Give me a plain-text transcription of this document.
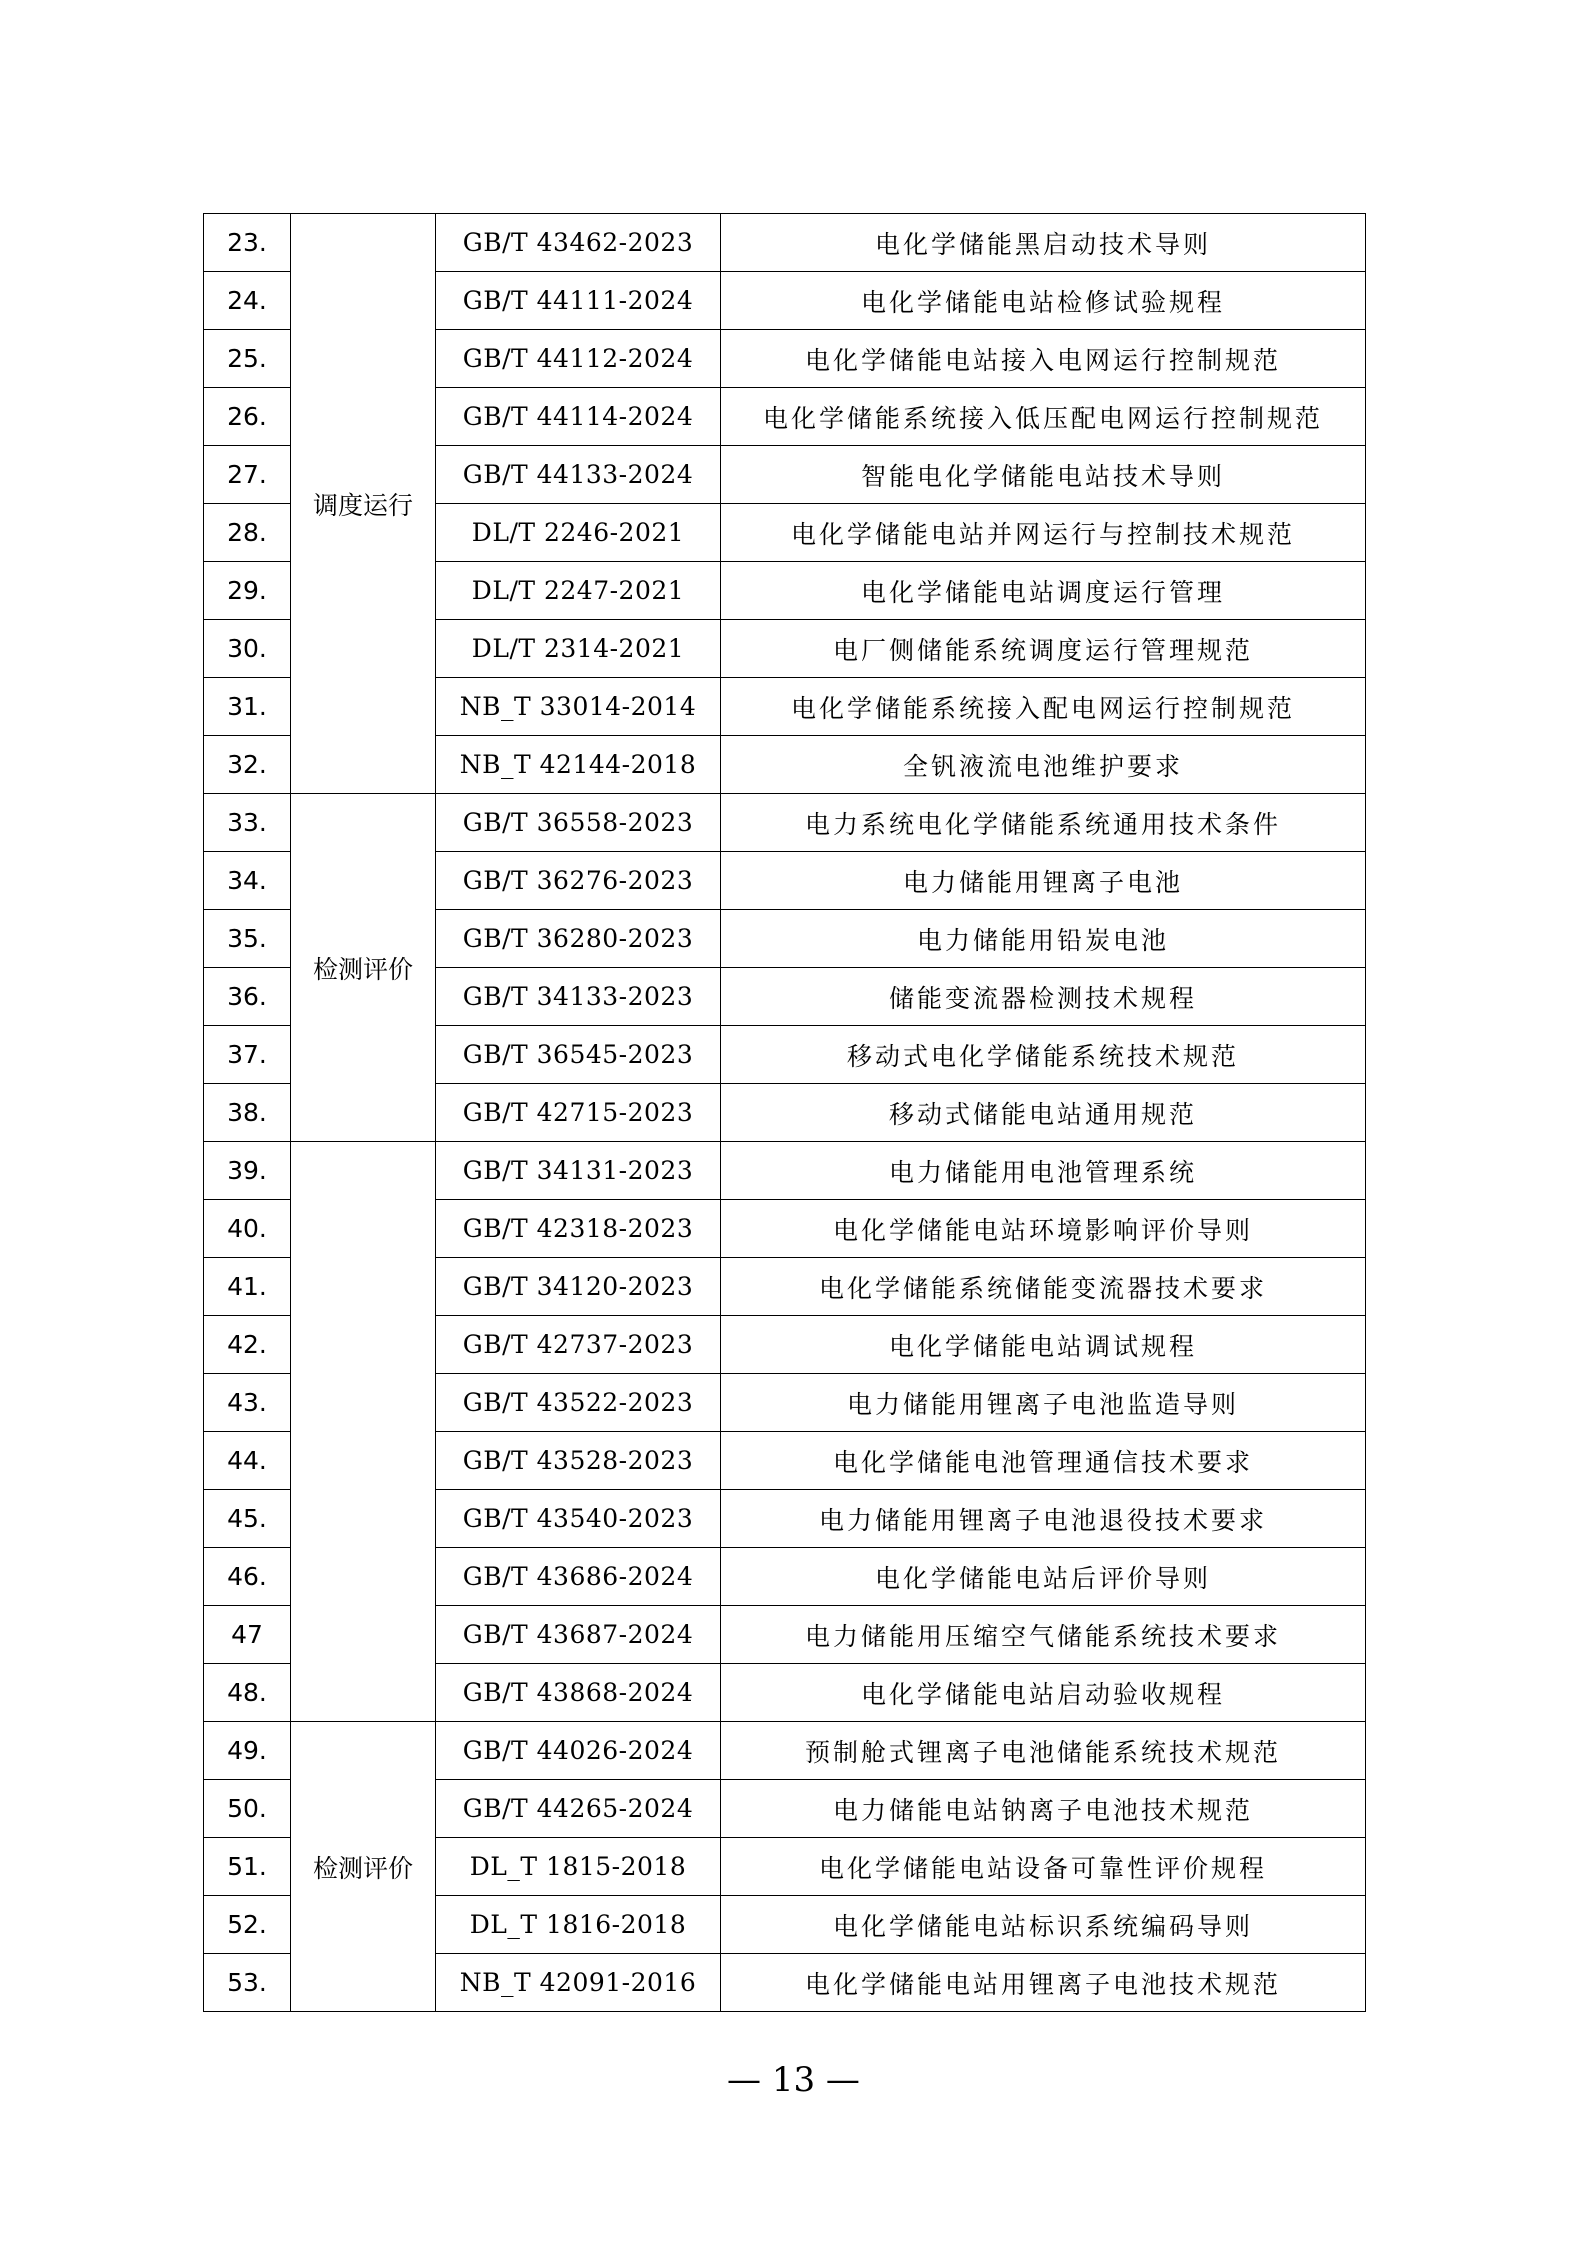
23.	调度运行	GB/T 43462-2023	电化学储能黑启动技术导则
24.		GB/T 44111-2024	电化学储能电站检修试验规程
25.		GB/T 44112-2024	电化学储能电站接入电网运行控制规范
26.		GB/T 44114-2024	电化学储能系统接入低压配电网运行控制规范
27.		GB/T 44133-2024	智能电化学储能电站技术导则
28.		DL/T 2246-2021	电化学储能电站并网运行与控制技术规范
29.		DL/T 2247-2021	电化学储能电站调度运行管理
30.		DL/T 2314-2021	电厂侧储能系统调度运行管理规范
31.		NB_T 33014-2014	电化学储能系统接入配电网运行控制规范
32.		NB_T 42144-2018	全钒液流电池维护要求
33.	检测评价	GB/T 36558-2023	电力系统电化学储能系统通用技术条件
34.		GB/T 36276-2023	电力储能用锂离子电池
35.		GB/T 36280-2023	电力储能用铅炭电池
36.		GB/T 34133-2023	储能变流器检测技术规程
37.		GB/T 36545-2023	移动式电化学储能系统技术规范
38.		GB/T 42715-2023	移动式储能电站通用规范
39.		GB/T 34131-2023	电力储能用电池管理系统
40.		GB/T 42318-2023	电化学储能电站环境影响评价导则
41.		GB/T 34120-2023	电化学储能系统储能变流器技术要求
42.		GB/T 42737-2023	电化学储能电站调试规程
43.		GB/T 43522-2023	电力储能用锂离子电池监造导则
44.		GB/T 43528-2023	电化学储能电池管理通信技术要求
45.		GB/T 43540-2023	电力储能用锂离子电池退役技术要求
46.		GB/T 43686-2024	电化学储能电站后评价导则
47		GB/T 43687-2024	电力储能用压缩空气储能系统技术要求
48.		GB/T 43868-2024	电化学储能电站启动验收规程
49.	检测评价	GB/T 44026-2024	预制舱式锂离子电池储能系统技术规范
50.		GB/T 44265-2024	电力储能电站钠离子电池技术规范
51.		DL_T 1815-2018	电化学储能电站设备可靠性评价规程
52.		DL_T 1816-2018	电化学储能电站标识系统编码导则
53.		NB_T 42091-2016	电化学储能电站用锂离子电池技术规范
— 13 —
